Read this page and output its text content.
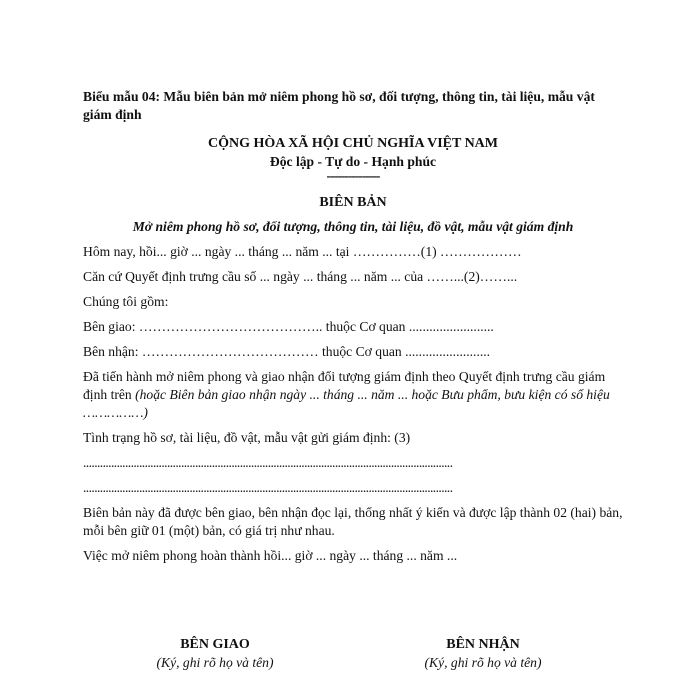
Biểu mẫu 04: Mẫu biên bản mở niêm phong hồ sơ, đối tượng, thông tin, tài liệu, mẫu vật giám định
CỘNG HÒA XÃ HỘI CHỦ NGHĨA VIỆT NAM
Độc lập - Tự do - Hạnh phúc
---------------
BIÊN BẢN
Mở niêm phong hồ sơ, đối tượng, thông tin, tài liệu, đồ vật, mẫu vật giám định
Hôm nay, hồi... giờ ... ngày ... tháng ... năm ... tại ……………(1) ………………
Căn cứ Quyết định trưng cầu số ... ngày ... tháng ... năm ... của ……...(2)……...
Chúng tôi gồm:
Bên giao: ………………………………….. thuộc Cơ quan .........................
Bên nhận: ………………………………… thuộc Cơ quan .........................
Đã tiến hành mở niêm phong và giao nhận đối tượng giám định theo Quyết định trưng cầu giám định trên (hoặc Biên bản giao nhận ngày ... tháng ... năm ... hoặc Bưu phẩm, bưu kiện có số hiệu ……………)
Tình trạng hồ sơ, tài liệu, đồ vật, mẫu vật gửi giám định: (3)
....................................................................................................................................
....................................................................................................................................
Biên bản này đã được bên giao, bên nhận đọc lại, thống nhất ý kiến và được lập thành 02 (hai) bản, mỗi bên giữ 01 (một) bản, có giá trị như nhau.
Việc mở niêm phong hoàn thành hồi... giờ ... ngày ... tháng ... năm ...
BÊN GIAO
(Ký, ghi rõ họ và tên)
BÊN NHẬN
(Ký, ghi rõ họ và tên)
